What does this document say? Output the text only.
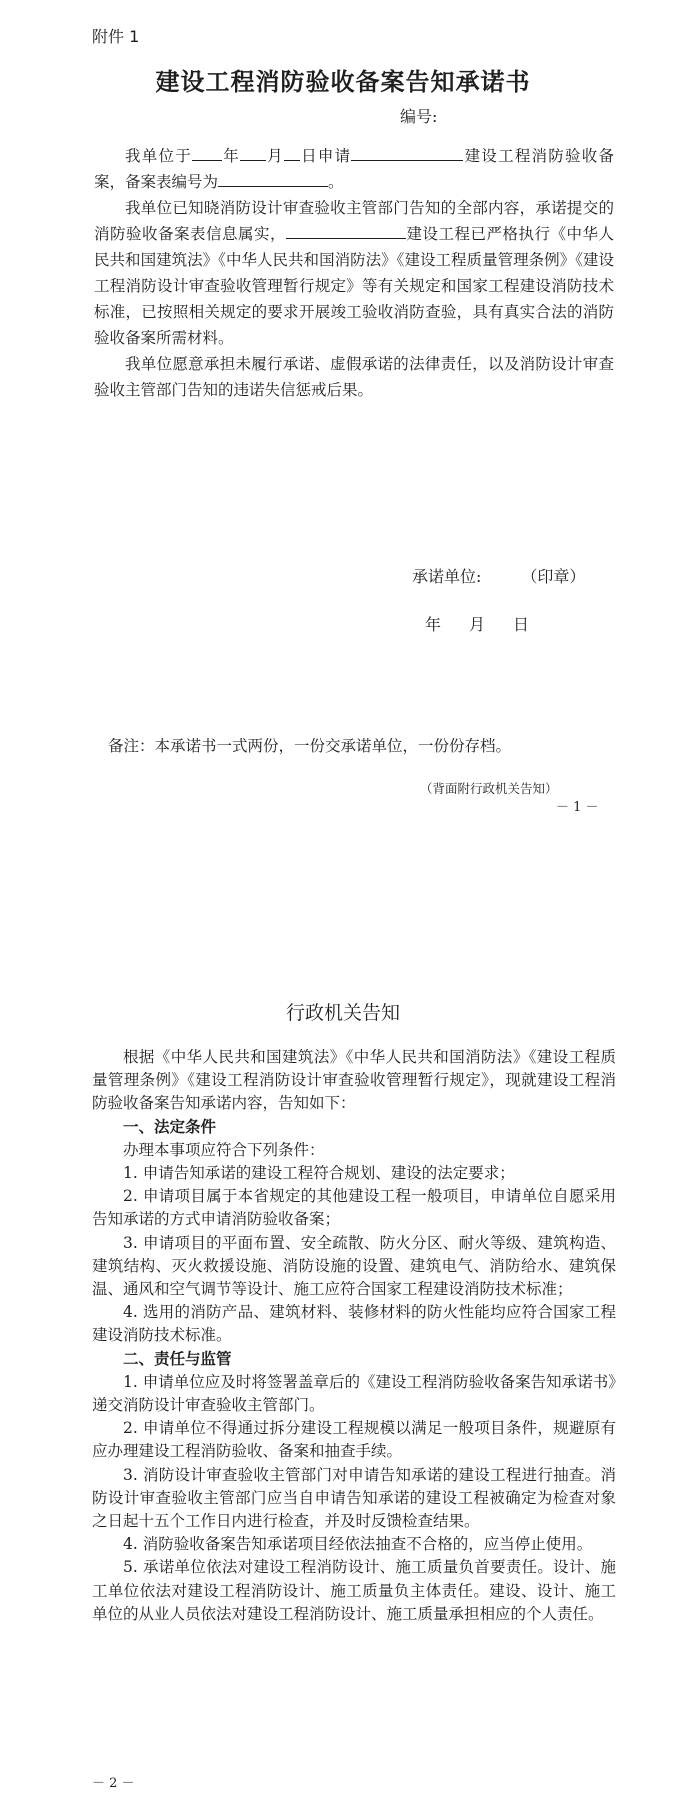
附件 1
建设工程消防验收备案告知承诺书
编号:

我单位于 年 月 日申请	建设工程消防验收备案，备案表编号为	。

我单位已知晓消防设计审查验收主管部门告知的全部内容，承诺提交的消防验收备案表信息属实，	建设工程已严格执行《中华人民共和国建筑法》《中华人民共和国消防法》《建设工程质量管理条例》《建设工程消防设计审查验收管理暂行规定》等有关规定和国家工程建设消防技术标准，已按照相关规定的要求开展竣工验收消防查验，具有真实合法的消防验收备案所需材料。

我单位愿意承担未履行承诺、虚假承诺的法律责任，以及消防设计审查验收主管部门告知的违诺失信惩戒后果。

承诺单位:	（印章）
年 月 日
备注：本承诺书一式两份，一份交承诺单位，一份份存档。
（背面附行政机关告知）
－ 1 －
行政机关告知

根据《中华人民共和国建筑法》《中华人民共和国消防法》《建设工程质量管理条例》《建设工程消防设计审查验收管理暂行规定》，现就建设工程消防验收备案告知承诺内容，告知如下：

一、法定条件

办理本事项应符合下列条件：

1. 申请告知承诺的建设工程符合规划、建设的法定要求；

2. 申请项目属于本省规定的其他建设工程一般项目，申请单位自愿采用告知承诺的方式申请消防验收备案；

3. 申请项目的平面布置、安全疏散、防火分区、耐火等级、建筑构造、建筑结构、灭火救援设施、消防设施的设置、建筑电气、消防给水、建筑保温、通风和空气调节等设计、施工应符合国家工程建设消防技术标准；

4. 选用的消防产品、建筑材料、装修材料的防火性能均应符合国家工程建设消防技术标准。

二、责任与监管

1. 申请单位应及时将签署盖章后的《建设工程消防验收备案告知承诺书》递交消防设计审查验收主管部门。

2. 申请单位不得通过拆分建设工程规模以满足一般项目条件，规避原有应办理建设工程消防验收、备案和抽查手续。

3. 消防设计审查验收主管部门对申请告知承诺的建设工程进行抽查。消防设计审查验收主管部门应当自申请告知承诺的建设工程被确定为检查对象之日起十五个工作日内进行检查，并及时反馈检查结果。

4. 消防验收备案告知承诺项目经依法抽查不合格的，应当停止使用。

5. 承诺单位依法对建设工程消防设计、施工质量负首要责任。设计、施工单位依法对建设工程消防设计、施工质量负主体责任。建设、设计、施工单位的从业人员依法对建设工程消防设计、施工质量承担相应的个人责任。

－ 2 －
